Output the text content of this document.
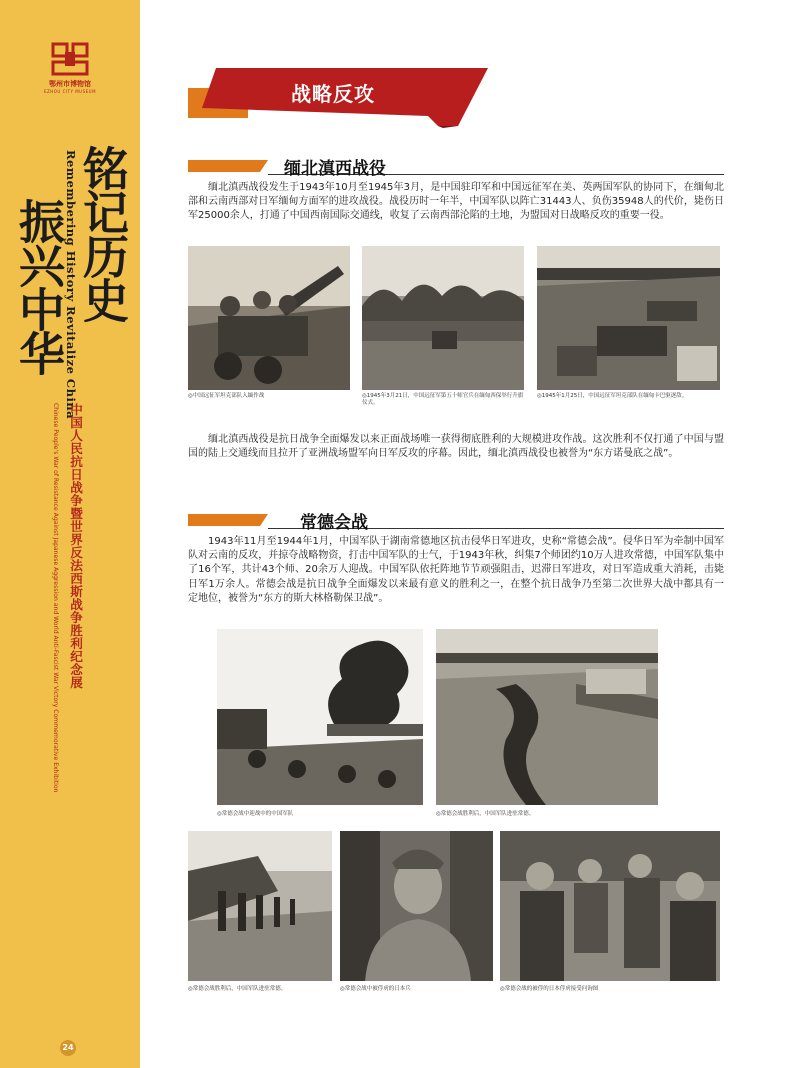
鄂州市博物馆
EZHOU CITY MUSEUM
铭记历史
振兴中华
Remembering History Revitalize China
中国人民抗日战争暨世界反法西斯战争胜利纪念展
Chinese People's War of Resistance Against Japanese Aggression and World Anti-Fascist War Victory Commemorative Exhibition
24
战略反攻
缅北滇西战役
缅北滇西战役发生于1943年10月至1945年3月，是中国驻印军和中国远征军在美、英两国军队的协同下，在缅甸北部和云南西部对日军缅甸方面军的进攻战役。战役历时一年半，中国军队以阵亡31443人、负伤35948人的代价，毙伤日军25000余人，打通了中国西南国际交通线，收复了云南西部沦陷的土地，为盟国对日战略反攻的重要一役。
◎中国远征军坦克部队入缅作战	◎1945年3月21日，中国远征军第五十师官兵在缅甸西保举行升旗仪式。
◎1945年1月25日，中国远征军坦克部队在缅甸卡巴驱逐敌。
缅北滇西战役是抗日战争全面爆发以来正面战场唯一获得彻底胜利的大规模进攻作战。这次胜利不仅打通了中国与盟国的陆上交通线而且拉开了亚洲战场盟军向日军反攻的序幕。因此，缅北滇西战役也被誉为“东方诺曼底之战”。
常德会战
1943年11月至1944年1月，中国军队于湖南常德地区抗击侵华日军进攻，史称“常德会战”。侵华日军为牵制中国军队对云南的反攻，并掠夺战略物资，打击中国军队的士气，于1943年秋，纠集7个师团约10万人进攻常德，中国军队集中了16个军，共计43个师、20余万人迎战。中国军队依托阵地节节顽强阻击，迟滞日军进攻，对日军造成重大消耗，击毙日军1万余人。常德会战是抗日战争全面爆发以来最有意义的胜利之一，在整个抗日战争乃至第二次世界大战中都具有一定地位，被誉为“东方的斯大林格勒保卫战”。
◎常德会战中迎战中的中国军队	◎常德会战胜利后，中国军队进驻常德。
◎常德会战胜利后，中国军队进驻常德。	◎常德会战中被俘虏的日本兵	◎常德会战的被俘的日本俘虏接受问询图
